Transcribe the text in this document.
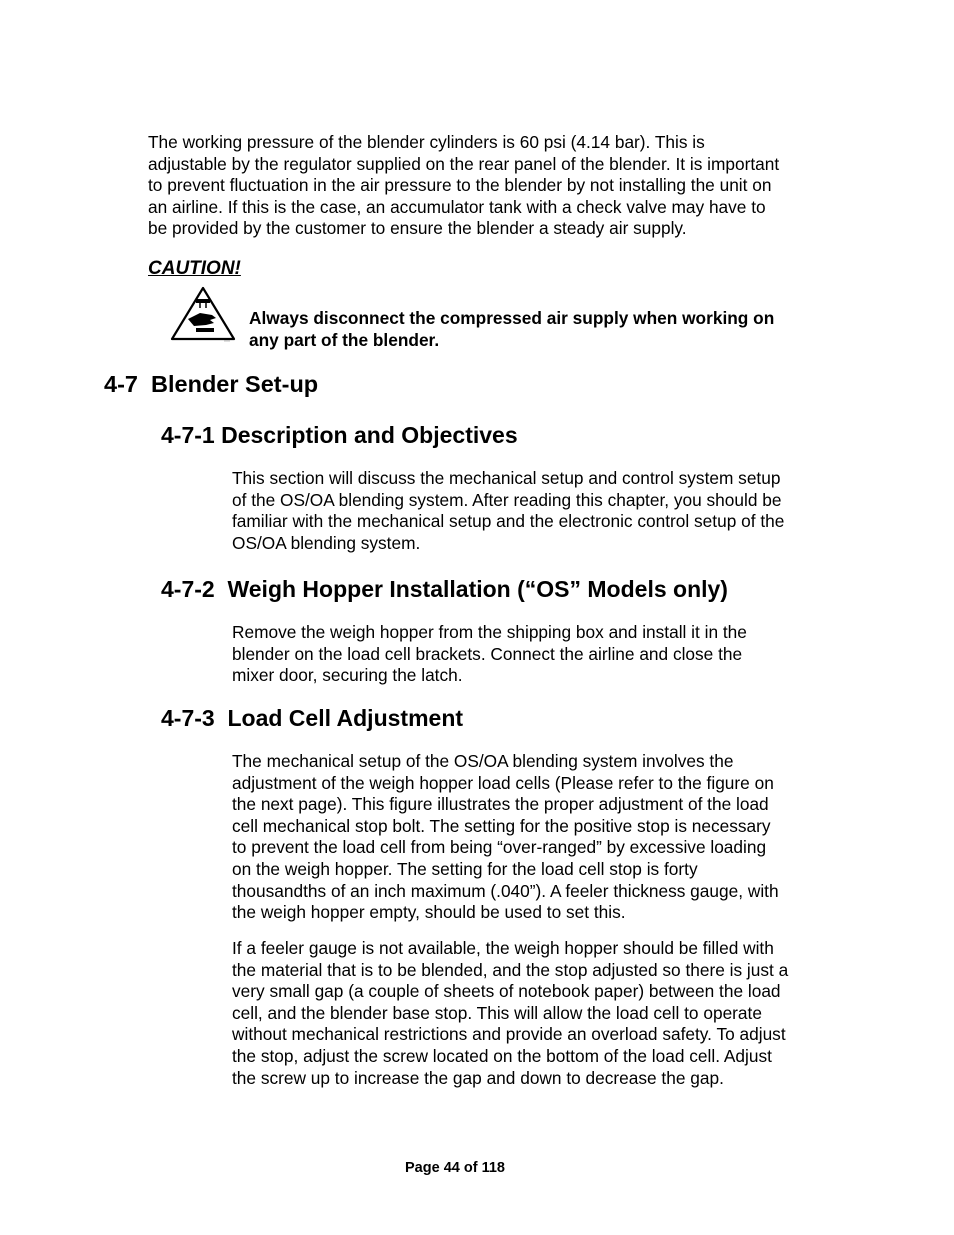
The working pressure of the blender cylinders is 60 psi (4.14 bar). This is
adjustable by the regulator supplied on the rear panel of the blender. It is important
to prevent fluctuation in the air pressure to the blender by not installing the unit on
an airline. If this is the case, an accumulator tank with a check valve may have to
be provided by the customer to ensure the blender a steady air supply.

CAUTION!

Always disconnect the compressed air supply when working on
any part of the blender.
4-7  Blender Set-up
4-7-1 Description and Objectives
This section will discuss the mechanical setup and control system setup
of the OS/OA blending system. After reading this chapter, you should be
familiar with the mechanical setup and the electronic control setup of the
OS/OA blending system.
4-7-2  Weigh Hopper Installation (“OS” Models only)
Remove the weigh hopper from the shipping box and install it in the
blender on the load cell brackets. Connect the airline and close the
mixer door, securing the latch.
4-7-3  Load Cell Adjustment
The mechanical setup of the OS/OA blending system involves the
adjustment of the weigh hopper load cells (Please refer to the figure on
the next page). This figure illustrates the proper adjustment of the load
cell mechanical stop bolt. The setting for the positive stop is necessary
to prevent the load cell from being “over-ranged” by excessive loading
on the weigh hopper. The setting for the load cell stop is forty
thousandths of an inch maximum (.040”). A feeler thickness gauge, with
the weigh hopper empty, should be used to set this.
If a feeler gauge is not available, the weigh hopper should be filled with
the material that is to be blended, and the stop adjusted so there is just a
very small gap (a couple of sheets of notebook paper) between the load
cell, and the blender base stop. This will allow the load cell to operate
without mechanical restrictions and provide an overload safety. To adjust
the stop, adjust the screw located on the bottom of the load cell. Adjust
the screw up to increase the gap and down to decrease the gap.

Page 44 of 118
